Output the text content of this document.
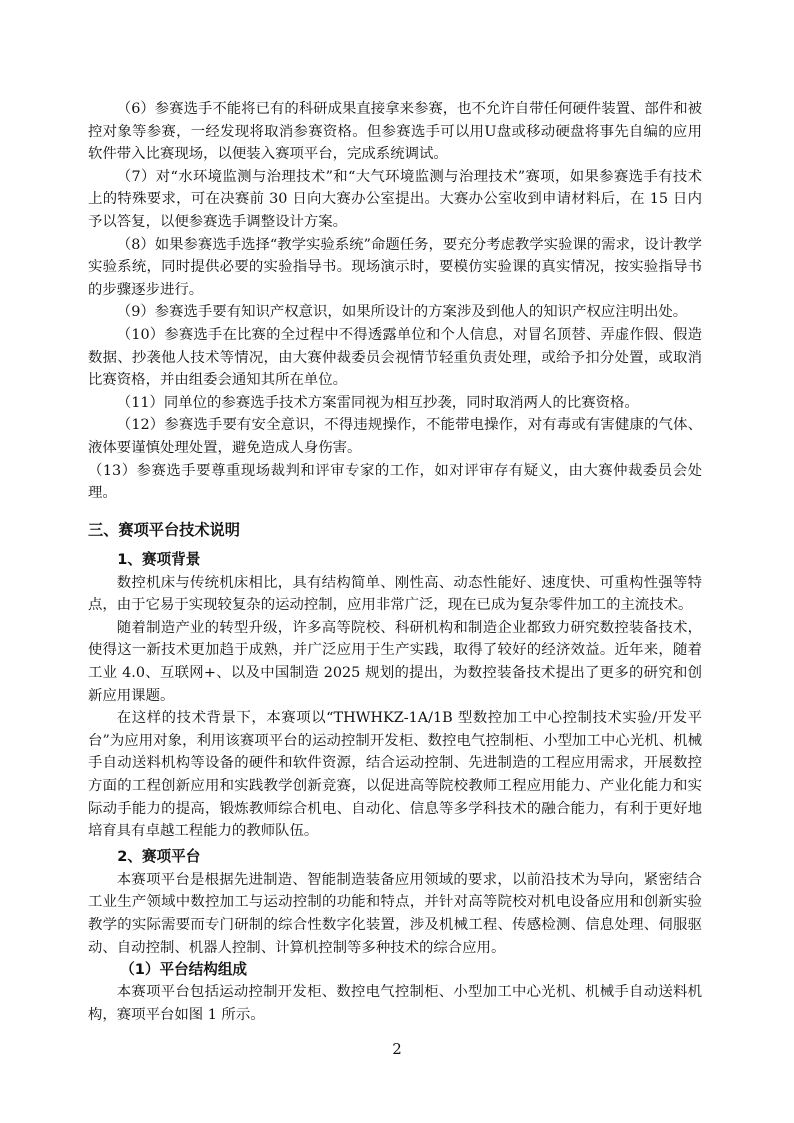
（6）参赛选手不能将已有的科研成果直接拿来参赛，也不允许自带任何硬件装置、部件和被控对象等参赛，一经发现将取消参赛资格。但参赛选手可以用U盘或移动硬盘将事先自编的应用软件带入比赛现场，以便装入赛项平台，完成系统调试。

（7）对“水环境监测与治理技术”和“大气环境监测与治理技术”赛项，如果参赛选手有技术上的特殊要求，可在决赛前 30 日向大赛办公室提出。大赛办公室收到申请材料后，在 15 日内予以答复，以便参赛选手调整设计方案。

（8）如果参赛选手选择“教学实验系统”命题任务，要充分考虑教学实验课的需求，设计教学实验系统，同时提供必要的实验指导书。现场演示时，要模仿实验课的真实情况，按实验指导书的步骤逐步进行。

（9）参赛选手要有知识产权意识，如果所设计的方案涉及到他人的知识产权应注明出处。

（10）参赛选手在比赛的全过程中不得透露单位和个人信息，对冒名顶替、弄虚作假、假造数据、抄袭他人技术等情况，由大赛仲裁委员会视情节轻重负责处理，或给予扣分处置，或取消比赛资格，并由组委会通知其所在单位。

（11）同单位的参赛选手技术方案雷同视为相互抄袭，同时取消两人的比赛资格。

（12）参赛选手要有安全意识，不得违规操作，不能带电操作，对有毒或有害健康的气体、液体要谨慎处理处置，避免造成人身伤害。

（13）参赛选手要尊重现场裁判和评审专家的工作，如对评审存有疑义，由大赛仲裁委员会处理。

三、赛项平台技术说明
1、赛项背景

数控机床与传统机床相比，具有结构简单、刚性高、动态性能好、速度快、可重构性强等特点，由于它易于实现较复杂的运动控制，应用非常广泛，现在已成为复杂零件加工的主流技术。

随着制造产业的转型升级，许多高等院校、科研机构和制造企业都致力研究数控装备技术，使得这一新技术更加趋于成熟，并广泛应用于生产实践，取得了较好的经济效益。近年来，随着工业 4.0、互联网+、以及中国制造 2025 规划的提出，为数控装备技术提出了更多的研究和创新应用课题。

在这样的技术背景下，本赛项以“THWHKZ-1A/1B 型数控加工中心控制技术实验/开发平台”为应用对象，利用该赛项平台的运动控制开发柜、数控电气控制柜、小型加工中心光机、机械手自动送料机构等设备的硬件和软件资源，结合运动控制、先进制造的工程应用需求，开展数控方面的工程创新应用和实践教学创新竞赛，以促进高等院校教师工程应用能力、产业化能力和实际动手能力的提高，锻炼教师综合机电、自动化、信息等多学科技术的融合能力，有利于更好地培育具有卓越工程能力的教师队伍。

2、赛项平台

本赛项平台是根据先进制造、智能制造装备应用领域的要求，以前沿技术为导向，紧密结合工业生产领域中数控加工与运动控制的功能和特点，并针对高等院校对机电设备应用和创新实验教学的实际需要而专门研制的综合性数字化装置，涉及机械工程、传感检测、信息处理、伺服驱动、自动控制、机器人控制、计算机控制等多种技术的综合应用。

（1）平台结构组成

本赛项平台包括运动控制开发柜、数控电气控制柜、小型加工中心光机、机械手自动送料机构，赛项平台如图 1 所示。

2
